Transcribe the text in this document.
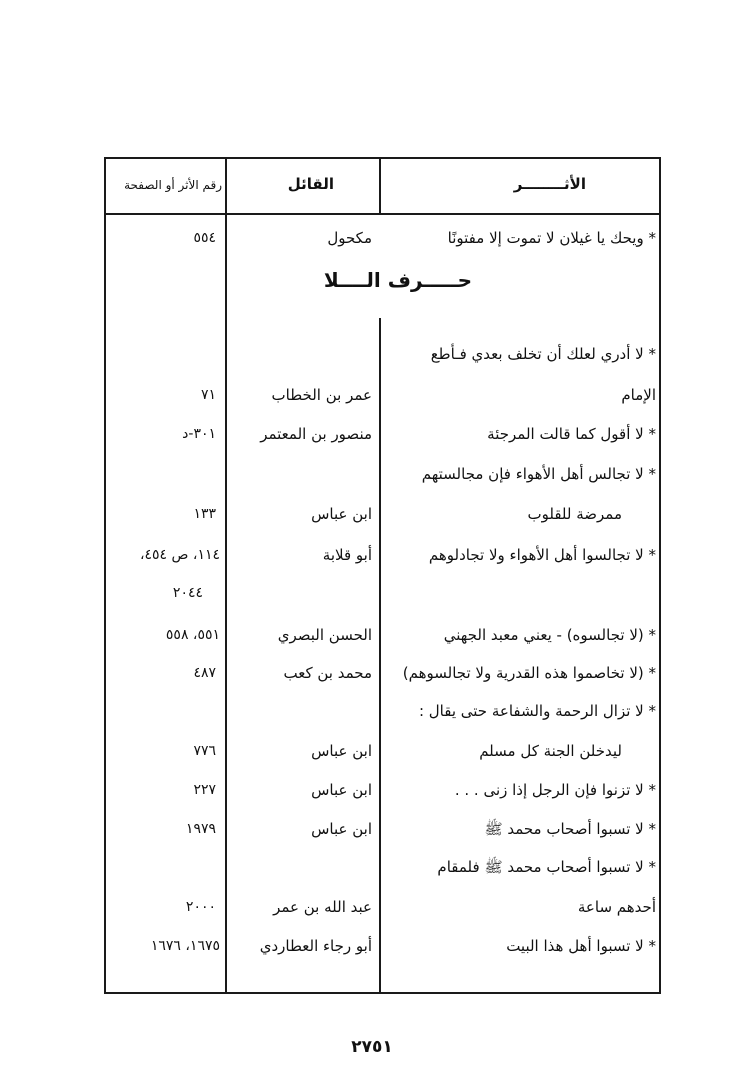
الأثــــــــر
القائل
رقم الأثر أو الصفحة
* ويحك يا غيلان لا تموت إلا مفتونًا
مكحول
٥٥٤
حـــــرف الــــلا
* لا أدري لعلك أن تخلف بعدي فـأطع
الإمام
عمر بن الخطاب
٧١
* لا أقول كما قالت المرجئة
منصور بن المعتمر
٣٠١-د
* لا تجالس أهل الأهواء فإن مجالستهم
ممرضة للقلوب
ابن عباس
١٣٣
* لا تجالسوا أهل الأهواء ولا تجادلوهم
أبو قلابة
١١٤، ص ٤٥٤،
٢٠٤٤
* (لا تجالسوه) - يعني معبد الجهني
الحسن البصري
٥٥١، ٥٥٨
* (لا تخاصموا هذه القدرية ولا تجالسوهم)
محمد بن كعب
٤٨٧
* لا تزال الرحمة والشفاعة حتى يقال :
ليدخلن الجنة كل مسلم
ابن عباس
٧٧٦
* لا تزنوا فإن الرجل إذا زنى . . .
ابن عباس
٢٢٧
* لا تسبوا أصحاب محمد ﷺ
ابن عباس
١٩٧٩
* لا تسبوا أصحاب محمد ﷺ فلمقام
أحدهم ساعة
عبد الله بن عمر
٢٠٠٠
* لا تسبوا أهل هذا البيت
أبو رجاء العطاردي
١٦٧٥، ١٦٧٦
٢٧٥١
